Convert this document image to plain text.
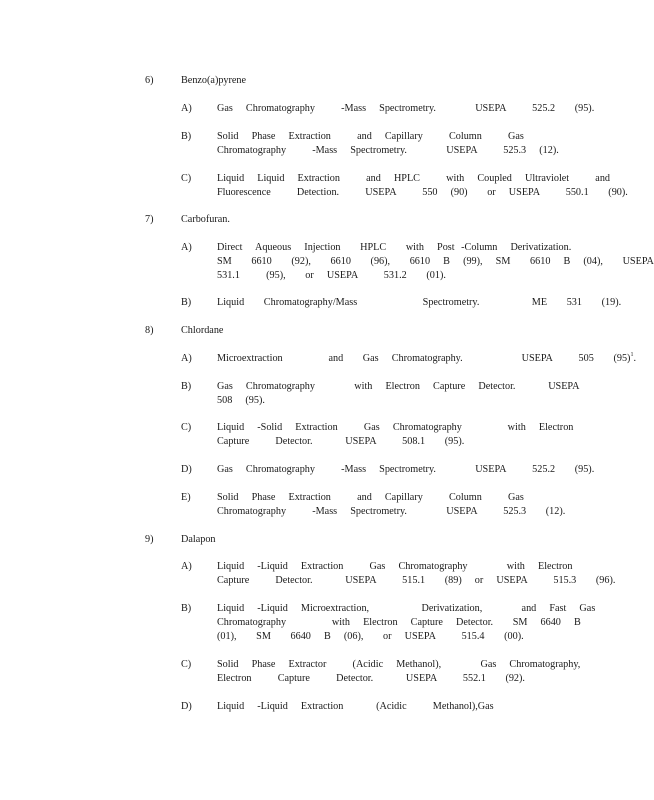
6)	Benzo(a)pyrene
A) Gas  Chromatography    -Mass  Spectrometry.      USEPA    525.2   (95).
B)	Solid  Phase  Extraction    and  Capillary    Column    Gas
Chromatography    -Mass  Spectrometry.      USEPA    525.3  (12).
C)	Liquid  Liquid  Extraction    and  HPLC    with  Coupled  Ultraviolet    and
Fluorescence    Detection.    USEPA    550  (90)   or  USEPA    550.1   (90).
7)	Carbofuran.
A) Direct  Aqueous  Injection   HPLC   with  Post -Column  Derivatization.
SM   6610   (92),   6610   (96),   6610  B  (99),  SM   6610  B  (04),   USEPA
531.1    (95),   or  USEPA    531.2   (01).
B)	Liquid   Chromatography/Mass          Spectrometry.        ME   531   (19).
8)	Chlordane
A) Microextraction       and   Gas  Chromatography.         USEPA    505   $(95)^1$.
B)	Gas  Chromatography      with  Electron  Capture  Detector.     USEPA
508  (95).
C)	Liquid  -Solid  Extraction    Gas  Chromatography       with  Electron
Capture    Detector.     USEPA    508.1   (95).
D) Gas  Chromatography    -Mass  Spectrometry.      USEPA    525.2   (95).
E)	Solid  Phase  Extraction    and  Capillary    Column    Gas
Chromatography    -Mass  Spectrometry.      USEPA    525.3   (12).
9)	Dalapon
A) Liquid  -Liquid  Extraction    Gas  Chromatography      with  Electron
Capture    Detector.     USEPA    515.1   (89)  or  USEPA    515.3   (96).
B)	Liquid  -Liquid  Microextraction,        Derivatization,      and  Fast  Gas
Chromatography       with  Electron  Capture  Detector.   SM  6640  B
(01),   SM   6640  B  (06),   or  USEPA    515.4   (00).
C)	Solid  Phase  Extractor    (Acidic  Methanol),      Gas  Chromatography,
Electron    Capture    Detector.     USEPA    552.1   (92).
D) Liquid  -Liquid  Extraction     (Acidic    Methanol),Gas
